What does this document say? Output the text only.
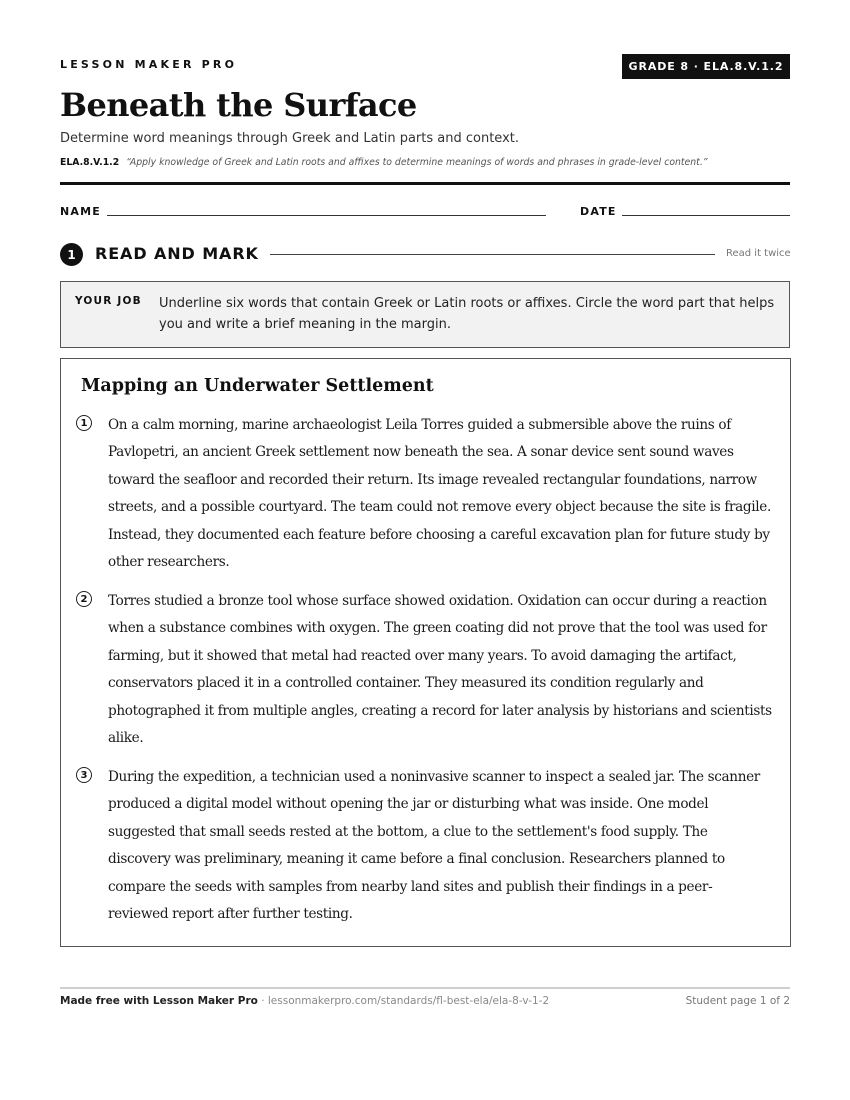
LESSON MAKER PRO	GRADE 8 · ELA.8.V.1.2
Beneath the Surface
Determine word meanings through Greek and Latin parts and context.
ELA.8.V.1.2 “Apply knowledge of Greek and Latin roots and affixes to determine meanings of words and phrases in grade-level content.”
NAME	DATE
1	READ AND MARK	Read it twice
YOUR JOB Underline six words that contain Greek or Latin roots or affixes. Circle the word part that helps you and write a brief meaning in the margin.
Mapping an Underwater Settlement
1	On a calm morning, marine archaeologist Leila Torres guided a submersible above the ruins of Pavlopetri, an ancient Greek settlement now beneath the sea. A sonar device sent sound waves toward the seafloor and recorded their return. Its image revealed rectangular foundations, narrow streets, and a possible courtyard. The team could not remove every object because the site is fragile. Instead, they documented each feature before choosing a careful excavation plan for future study by other researchers.
2	Torres studied a bronze tool whose surface showed oxidation. Oxidation can occur during a reaction when a substance combines with oxygen. The green coating did not prove that the tool was used for farming, but it showed that metal had reacted over many years. To avoid damaging the artifact, conservators placed it in a controlled container. They measured its condition regularly and photographed it from multiple angles, creating a record for later analysis by historians and scientists alike.
3	During the expedition, a technician used a noninvasive scanner to inspect a sealed jar. The scanner produced a digital model without opening the jar or disturbing what was inside. One model suggested that small seeds rested at the bottom, a clue to the settlement's food supply. The discovery was preliminary, meaning it came before a final conclusion. Researchers planned to compare the seeds with samples from nearby land sites and publish their findings in a peer-reviewed report after further testing.
Made free with Lesson Maker Pro · lessonmakerpro.com/standards/fl-best-ela/ela-8-v-1-2	Student page 1 of 2
